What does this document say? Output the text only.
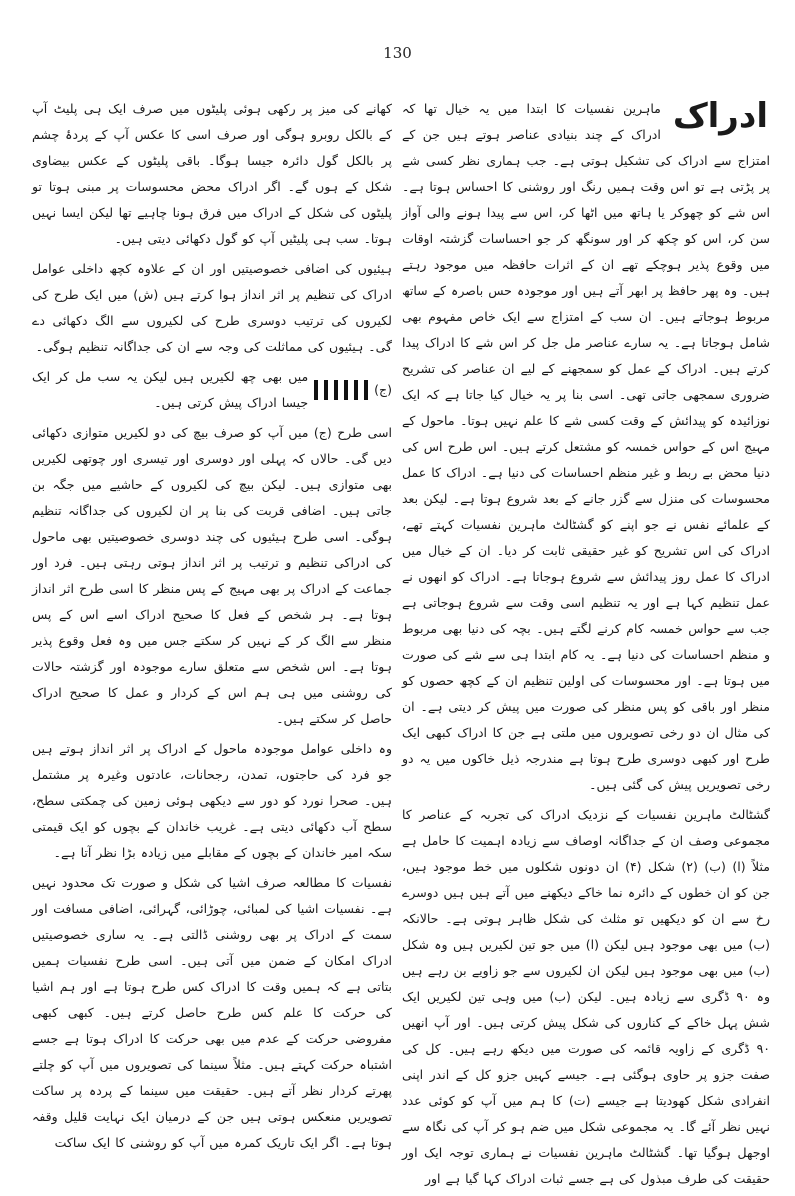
130
ادراک

ماہرین نفسیات کا ابتدا میں یہ خیال تھا کہ ادراک کے چند بنیادی عناصر ہوتے ہیں جن کے امتزاج سے ادراک کی تشکیل ہوتی ہے۔ جب ہماری نظر کسی شے پر پڑتی ہے تو اس وقت ہمیں رنگ اور روشنی کا احساس ہوتا ہے۔ اس شے کو چھوکر یا ہاتھ میں اٹھا کر، اس سے پیدا ہونے والی آواز سن کر، اس کو چکھ کر اور سونگھ کر جو احساسات گزشتہ اوقات میں وقوع پذیر ہوچکے تھے ان کے اثرات حافظہ میں موجود رہتے ہیں۔ وہ پھر حافظ پر ابھر آتے ہیں اور موجودہ حس باصرہ کے ساتھ مربوط ہوجاتے ہیں۔ ان سب کے امتزاج سے ایک خاص مفہوم بھی شامل ہوجاتا ہے۔ یہ سارے عناصر مل جل کر اس شے کا ادراک پیدا کرتے ہیں۔ ادراک کے عمل کو سمجھنے کے لیے ان عناصر کی تشریح ضروری سمجھی جاتی تھی۔ اسی بنا پر یہ خیال کیا جاتا ہے کہ ایک نوزائیدہ کو پیدائش کے وقت کسی شے کا علم نہیں ہوتا۔ ماحول کے مہیج اس کے حواس خمسہ کو مشتعل کرتے ہیں۔ اس طرح اس کی دنیا محض بے ربط و غیر منظم احساسات کی دنیا ہے۔ ادراک کا عمل محسوسات کی منزل سے گزر جانے کے بعد شروع ہوتا ہے۔ لیکن بعد کے علمائے نفس نے جو اپنے کو گشٹالٹ ماہرین نفسیات کہتے تھے، ادراک کی اس تشریح کو غیر حقیقی ثابت کر دیا۔ ان کے خیال میں ادراک کا عمل روز پیدائش سے شروع ہوجاتا ہے۔ ادراک کو انھوں نے عمل تنظیم کہا ہے اور یہ تنظیم اسی وقت سے شروع ہوجاتی ہے جب سے حواس خمسہ کام کرنے لگتے ہیں۔ بچہ کی دنیا بھی مربوط و منظم احساسات کی دنیا ہے۔ یہ کام ابتدا ہی سے شے کی صورت میں ہوتا ہے۔ اور محسوسات کی اولین تنظیم ان کے کچھ حصوں کو منظر اور باقی کو پس منظر کی صورت میں پیش کر دیتی ہے۔ ان کی مثال ان دو رخی تصویروں میں ملتی ہے جن کا ادراک کبھی ایک طرح اور کبھی دوسری طرح ہوتا ہے مندرجہ ذیل خاکوں میں یہ دو رخی تصویریں پیش کی گئی ہیں۔

گشٹالٹ ماہرین نفسیات کے نزدیک ادراک کی تجربہ کے عناصر کا مجموعی وصف ان کے جداگانہ اوصاف سے زیادہ اہمیت کا حامل ہے مثلاً (ا) (ب) (۲) شکل (۴) ان دونوں شکلوں میں خط موجود ہیں، جن کو ان خطوں کے دائرہ نما خاکے دیکھنے میں آتے ہیں ہیں دوسرے رخ سے ان کو دیکھیں تو مثلث کی شکل ظاہر ہوتی ہے۔ حالانکہ (ب) میں بھی موجود ہیں لیکن (ا) میں جو تین لکیریں ہیں وہ شکل (ب) میں بھی موجود ہیں لیکن ان لکیروں سے جو زاویے بن رہے ہیں وہ ۹۰ ڈگری سے زیادہ ہیں۔ لیکن (ب) میں وہی تین لکیریں ایک شش پہل خاکے کے کناروں کی شکل پیش کرتی ہیں۔ اور آپ انھیں ۹۰ ڈگری کے زاویہ قائمہ کی صورت میں دیکھ رہے ہیں۔ کل کی صفت جزو پر حاوی ہوگئی ہے۔ جیسے کہیں جزو کل کے اندر اپنی انفرادی شکل کھودیتا ہے جیسے (ت) کا ہم میں آپ کو کوئی عدد نہیں نظر آئے گا۔ یہ مجموعی شکل میں ضم ہو کر آپ کی نگاہ سے اوجھل ہوگیا تھا۔ گشٹالٹ ماہرین نفسیات نے ہماری توجہ ایک اور حقیقت کی طرف مبذول کی ہے جسے ثبات ادراک کہا گیا ہے اور

کھانے کی میز پر رکھی ہوئی پلیٹوں میں صرف ایک ہی پلیٹ آپ کے بالکل روبرو ہوگی اور صرف اسی کا عکس آپ کے پردۂ چشم پر بالکل گول دائرہ جیسا ہوگا۔ باقی پلیٹوں کے عکس بیضاوی شکل کے ہوں گے۔ اگر ادراک محض محسوسات پر مبنی ہوتا تو پلیٹوں کی شکل کے ادراک میں فرق ہونا چاہیے تھا لیکن ایسا نہیں ہوتا۔ سب ہی پلیٹیں آپ کو گول دکھائی دیتی ہیں۔

ہیئیوں کی اضافی خصوصیتیں اور ان کے علاوہ کچھ داخلی عوامل ادراک کی تنظیم پر اثر انداز ہوا کرتے ہیں (ش) میں ایک طرح کی لکیروں کی ترتیب دوسری طرح کی لکیروں سے الگ دکھائی دے گی۔ ہیئیوں کی مماثلت کی وجہ سے ان کی جداگانہ تنظیم ہوگی۔

(ج)
میں بھی چھ لکیریں ہیں لیکن یہ سب مل کر ایک جیسا ادراک پیش کرتی ہیں۔

اسی طرح (ج) میں آپ کو صرف بیچ کی دو لکیریں متوازی دکھائی دیں گی۔ حالاں کہ پہلی اور دوسری اور تیسری اور چوتھی لکیریں بھی متوازی ہیں۔ لیکن بیچ کی لکیروں کے حاشیے میں جگہ بن جاتی ہیں۔ اضافی قربت کی بنا پر ان لکیروں کی جداگانہ تنظیم ہوگی۔ اسی طرح ہیئیوں کی چند دوسری خصوصیتیں بھی ماحول کی ادراکی تنظیم و ترتیب پر اثر انداز ہوتی رہتی ہیں۔ فرد اور جماعت کے ادراک پر بھی مہیج کے پس منظر کا اسی طرح اثر انداز ہوتا ہے۔ ہر شخص کے فعل کا صحیح ادراک اسے اس کے پس منظر سے الگ کر کے نہیں کر سکتے جس میں وہ فعل وقوع پذیر ہوتا ہے۔ اس شخص سے متعلق سارے موجودہ اور گزشتہ حالات کی روشنی میں ہی ہم اس کے کردار و عمل کا صحیح ادراک حاصل کر سکتے ہیں۔

وہ داخلی عوامل موجودہ ماحول کے ادراک پر اثر انداز ہوتے ہیں جو فرد کی حاجتوں، تمدن، رجحانات، عادتوں وغیرہ پر مشتمل ہیں۔ صحرا نورد کو دور سے دیکھی ہوئی زمین کی چمکتی سطح، سطح آب دکھائی دیتی ہے۔ غریب خاندان کے بچوں کو ایک قیمتی سکہ امیر خاندان کے بچوں کے مقابلے میں زیادہ بڑا نظر آتا ہے۔

نفسیات کا مطالعہ صرف اشیا کی شکل و صورت تک محدود نہیں ہے۔ نفسیات اشیا کی لمبائی، چوڑائی، گہرائی، اضافی مسافت اور سمت کے ادراک پر بھی روشنی ڈالتی ہے۔ یہ ساری خصوصیتیں ادراک امکان کے ضمن میں آتی ہیں۔ اسی طرح نفسیات ہمیں بتاتی ہے کہ ہمیں وقت کا ادراک کس طرح ہوتا ہے اور ہم اشیا کی حرکت کا علم کس طرح حاصل کرتے ہیں۔ کبھی کبھی مفروضی حرکت کے عدم میں بھی حرکت کا ادراک ہوتا ہے جسے اشتباہ حرکت کہتے ہیں۔ مثلاً سینما کی تصویروں میں آپ کو چلتے پھرتے کردار نظر آتے ہیں۔ حقیقت میں سینما کے پردہ پر ساکت تصویریں منعکس ہوتی ہیں جن کے درمیان ایک نہایت قلیل وقفہ ہوتا ہے۔ اگر ایک تاریک کمرہ میں آپ کو روشنی کا ایک ساکت
